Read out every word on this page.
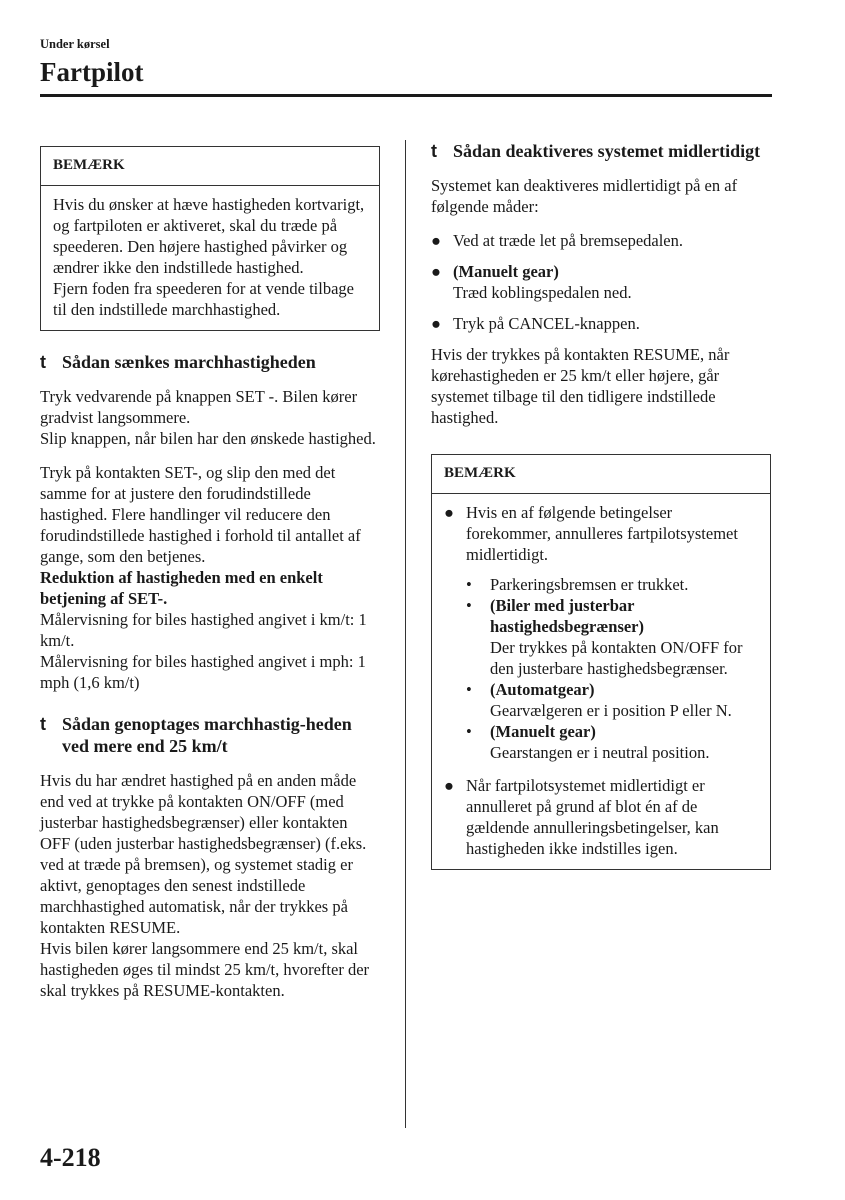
Under kørsel
Fartpilot
BEMÆRK

Hvis du ønsker at hæve hastigheden kortvarigt, og fartpiloten er aktiveret, skal du træde på speederen. Den højere hastighed påvirker og ændrer ikke den indstillede hastighed.

Fjern foden fra speederen for at vende tilbage til den indstillede marchhastighed.

t Sådan sænkes marchhastigheden

Tryk vedvarende på knappen SET -. Bilen kører gradvist langsommere.

Slip knappen, når bilen har den ønskede hastighed.

Tryk på kontakten SET-, og slip den med det samme for at justere den forudindstillede hastighed. Flere handlinger vil reducere den forudindstillede hastighed i forhold til antallet af gange, som den betjenes.

Reduktion af hastigheden med en enkelt betjening af SET-.

Målervisning for biles hastighed angivet i km/t: 1 km/t.

Målervisning for biles hastighed angivet i mph: 1 mph (1,6 km/t)

t Sådan genoptages marchhastig-heden ved mere end 25 km/t

Hvis du har ændret hastighed på en anden måde end ved at trykke på kontakten ON/OFF (med justerbar hastighedsbegrænser) eller kontakten OFF (uden justerbar hastighedsbegrænser) (f.eks. ved at træde på bremsen), og systemet stadig er aktivt, genoptages den senest indstillede marchhastighed automatisk, når der trykkes på kontakten RESUME.

Hvis bilen kører langsommere end 25 km/t, skal hastigheden øges til mindst 25 km/t, hvorefter der skal trykkes på RESUME-kontakten.

t Sådan deaktiveres systemet midlertidigt

Systemet kan deaktiveres midlertidigt på en af følgende måder:

● Ved at træde let på bremsepedalen.
● (Manuelt gear)
Træd koblingspedalen ned.
● Tryk på CANCEL-knappen.

Hvis der trykkes på kontakten RESUME, når kørehastigheden er 25 km/t eller højere, går systemet tilbage til den tidligere indstillede hastighed.

BEMÆRK
● Hvis en af følgende betingelser forekommer, annulleres fartpilotsystemet midlertidigt.
•	Parkeringsbremsen er trukket.
•	(Biler med justerbar hastighedsbegrænser)
Der trykkes på kontakten ON/OFF for den justerbare hastighedsbegrænser.
•	(Automatgear)
Gearvælgeren er i position P eller N.
•	(Manuelt gear)
Gearstangen er i neutral position.
● Når fartpilotsystemet midlertidigt er annulleret på grund af blot én af de gældende annulleringsbetingelser, kan hastigheden ikke indstilles igen.
4-218
